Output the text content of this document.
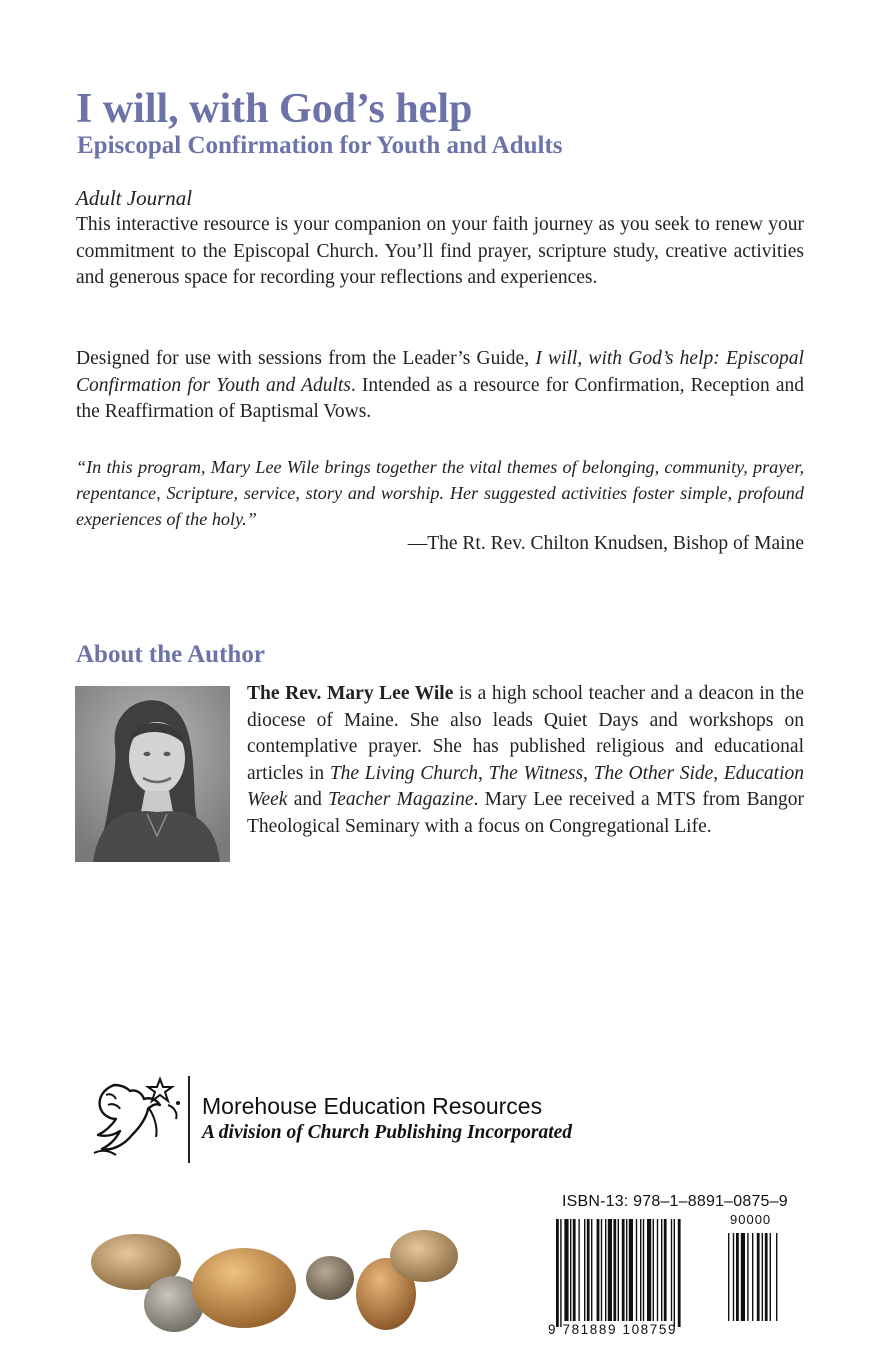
I will, with God’s help
Episcopal Confirmation for Youth and Adults
Adult Journal
This interactive resource is your companion on your faith journey as you seek to renew your commitment to the Episcopal Church. You’ll find prayer, scripture study, creative activities and generous space for recording your reflections and experiences.
Designed for use with sessions from the Leader’s Guide, I will, with God’s help: Episcopal Confirmation for Youth and Adults. Intended as a resource for Confirmation, Reception and the Reaffirmation of Baptismal Vows.
“In this program, Mary Lee Wile brings together the vital themes of belonging, community, prayer, repentance, Scripture, service, story and worship. Her suggested activities foster simple, profound experiences of the holy.”
—The Rt. Rev. Chilton Knudsen, Bishop of Maine
About the Author
The Rev. Mary Lee Wile is a high school teacher and a deacon in the diocese of Maine. She also leads Quiet Days and workshops on contemplative prayer. She has published religious and educational articles in The Living Church, The Witness, The Other Side, Education Week and Teacher Magazine. Mary Lee received a MTS from Bangor Theological Seminary with a focus on Congregational Life.
Morehouse Education Resources
A division of Church Publishing Incorporated
ISBN-13: 978–1–8891–0875–9
90000
9 781889 108759
